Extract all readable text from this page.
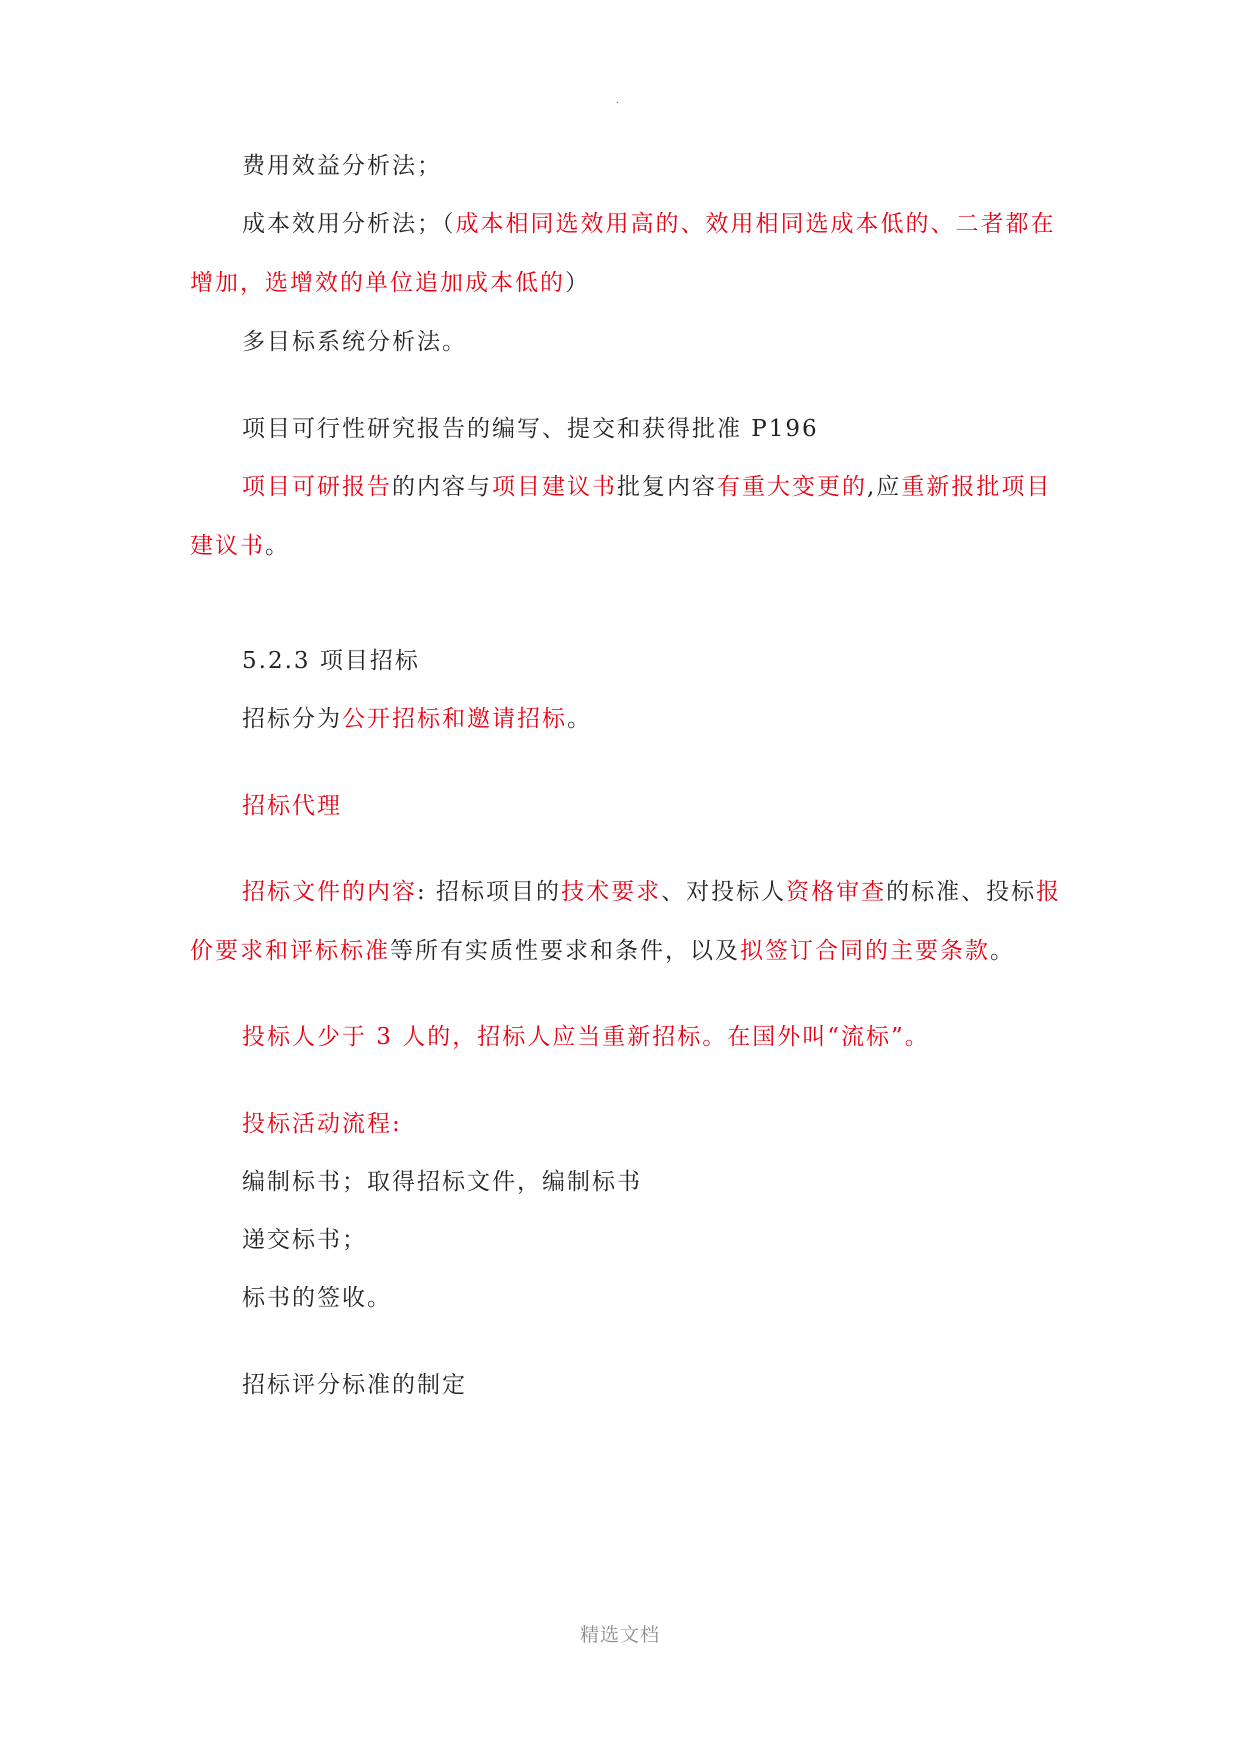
.
费用效益分析法；
成本效用分析法；（成本相同选效用高的、效用相同选成本低的、二者都在
增加，选增效的单位追加成本低的）
多目标系统分析法。
项目可行性研究报告的编写、提交和获得批准 P196
项目可研报告的内容与项目建议书批复内容有重大变更的,应重新报批项目
建议书。
5.2.3 项目招标
招标分为公开招标和邀请招标。
招标代理
招标文件的内容: 招标项目的技术要求、对投标人资格审查的标准、投标报
价要求和评标标准等所有实质性要求和条件，以及拟签订合同的主要条款。
投标人少于 3 人的，招标人应当重新招标。在国外叫“流标”。
投标活动流程:
编制标书；取得招标文件，编制标书
递交标书；
标书的签收。
招标评分标准的制定
精选文档
